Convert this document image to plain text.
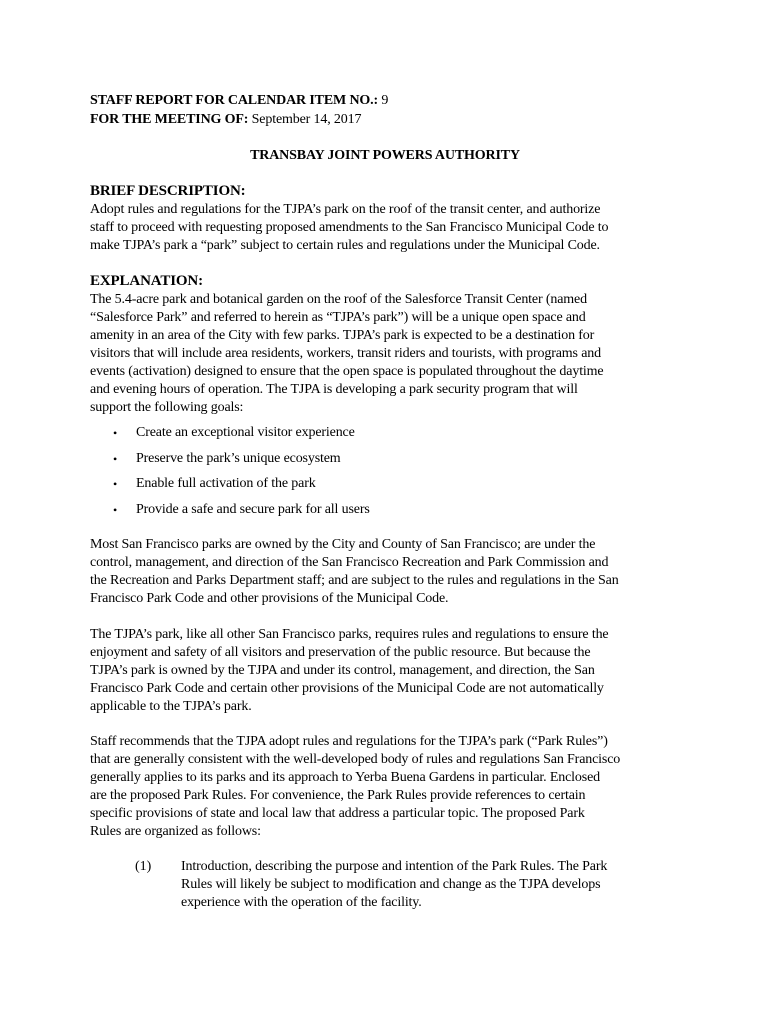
STAFF REPORT FOR CALENDAR ITEM NO.: 9
FOR THE MEETING OF: September 14, 2017
TRANSBAY JOINT POWERS AUTHORITY
BRIEF DESCRIPTION:
Adopt rules and regulations for the TJPA’s park on the roof of the transit center, and authorize
staff to proceed with requesting proposed amendments to the San Francisco Municipal Code to
make TJPA’s park a “park” subject to certain rules and regulations under the Municipal Code.
EXPLANATION:
The 5.4-acre park and botanical garden on the roof of the Salesforce Transit Center (named
“Salesforce Park” and referred to herein as “TJPA’s park”) will be a unique open space and
amenity in an area of the City with few parks. TJPA’s park is expected to be a destination for
visitors that will include area residents, workers, transit riders and tourists, with programs and
events (activation) designed to ensure that the open space is populated throughout the daytime
and evening hours of operation. The TJPA is developing a park security program that will
support the following goals:
• Create an exceptional visitor experience
• Preserve the park’s unique ecosystem
• Enable full activation of the park
• Provide a safe and secure park for all users
Most San Francisco parks are owned by the City and County of San Francisco; are under the
control, management, and direction of the San Francisco Recreation and Park Commission and
the Recreation and Parks Department staff; and are subject to the rules and regulations in the San
Francisco Park Code and other provisions of the Municipal Code.
The TJPA’s park, like all other San Francisco parks, requires rules and regulations to ensure the
enjoyment and safety of all visitors and preservation of the public resource. But because the
TJPA’s park is owned by the TJPA and under its control, management, and direction, the San
Francisco Park Code and certain other provisions of the Municipal Code are not automatically
applicable to the TJPA’s park.
Staff recommends that the TJPA adopt rules and regulations for the TJPA’s park (“Park Rules”)
that are generally consistent with the well-developed body of rules and regulations San Francisco
generally applies to its parks and its approach to Yerba Buena Gardens in particular. Enclosed
are the proposed Park Rules. For convenience, the Park Rules provide references to certain
specific provisions of state and local law that address a particular topic. The proposed Park
Rules are organized as follows:
(1) Introduction, describing the purpose and intention of the Park Rules. The Park
Rules will likely be subject to modification and change as the TJPA develops
experience with the operation of the facility.
